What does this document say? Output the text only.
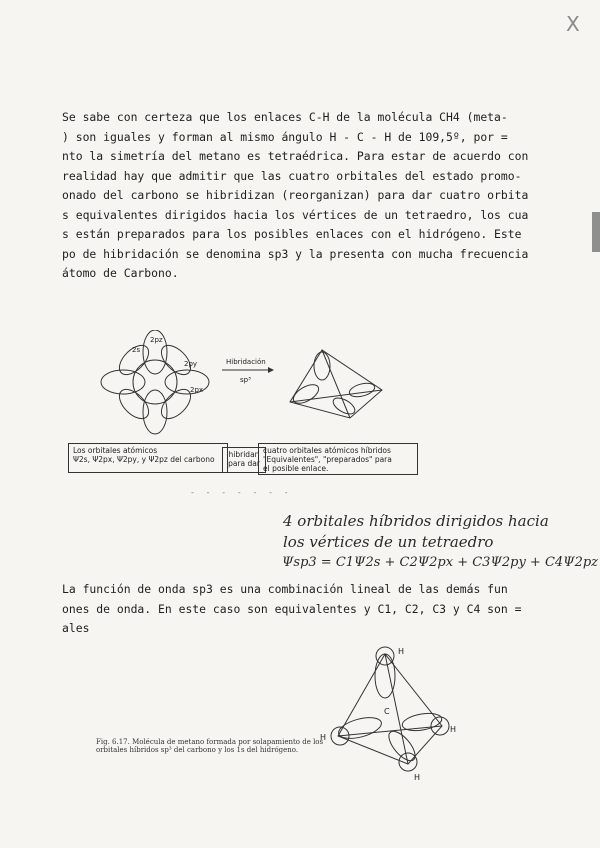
X
Se sabe con certeza que los enlaces C-H de la molécula CH4 (meta-
) son iguales y forman al mismo ángulo H - C - H de 109,5º, por =
nto la simetría del metano es tetraédrica. Para estar de acuerdo con
realidad hay que admitir que las cuatro orbitales del estado promo-
onado del carbono se hibridizan (reorganizan) para dar cuatro orbita
s equivalentes dirigidos hacia los vértices de un tetraedro, los cua
s están preparados para los posibles enlaces con el hidrógeno. Este
po de hibridación se denomina sp3 y la presenta con mucha frecuencia
átomo de Carbono.
2pz
2s
2py
2px
Hibridación
sp³
Los orbitales atómicos
Ψ2s, Ψ2px, Ψ2py, y Ψ2pz del carbono
hibridan
para dar
cuatro orbitales atómicos híbridos
"Equivalentes", "preparados" para
el posible enlace.
- - - - - - -
4 orbitales híbridos dirigidos hacia
los vértices de un tetraedro
Ψsp3 = C1Ψ2s + C2Ψ2px + C3Ψ2py + C4Ψ2pz
La función de onda sp3 es una combinación lineal de las demás fun
ones de onda. En este caso son equivalentes y C1, C2, C3 y C4 son =
ales
H
H
H
H
C
Fig. 6.17. Molécula de metano formada por solapamiento de los orbitales híbridos sp³ del carbono y los 1s del hidrógeno.
